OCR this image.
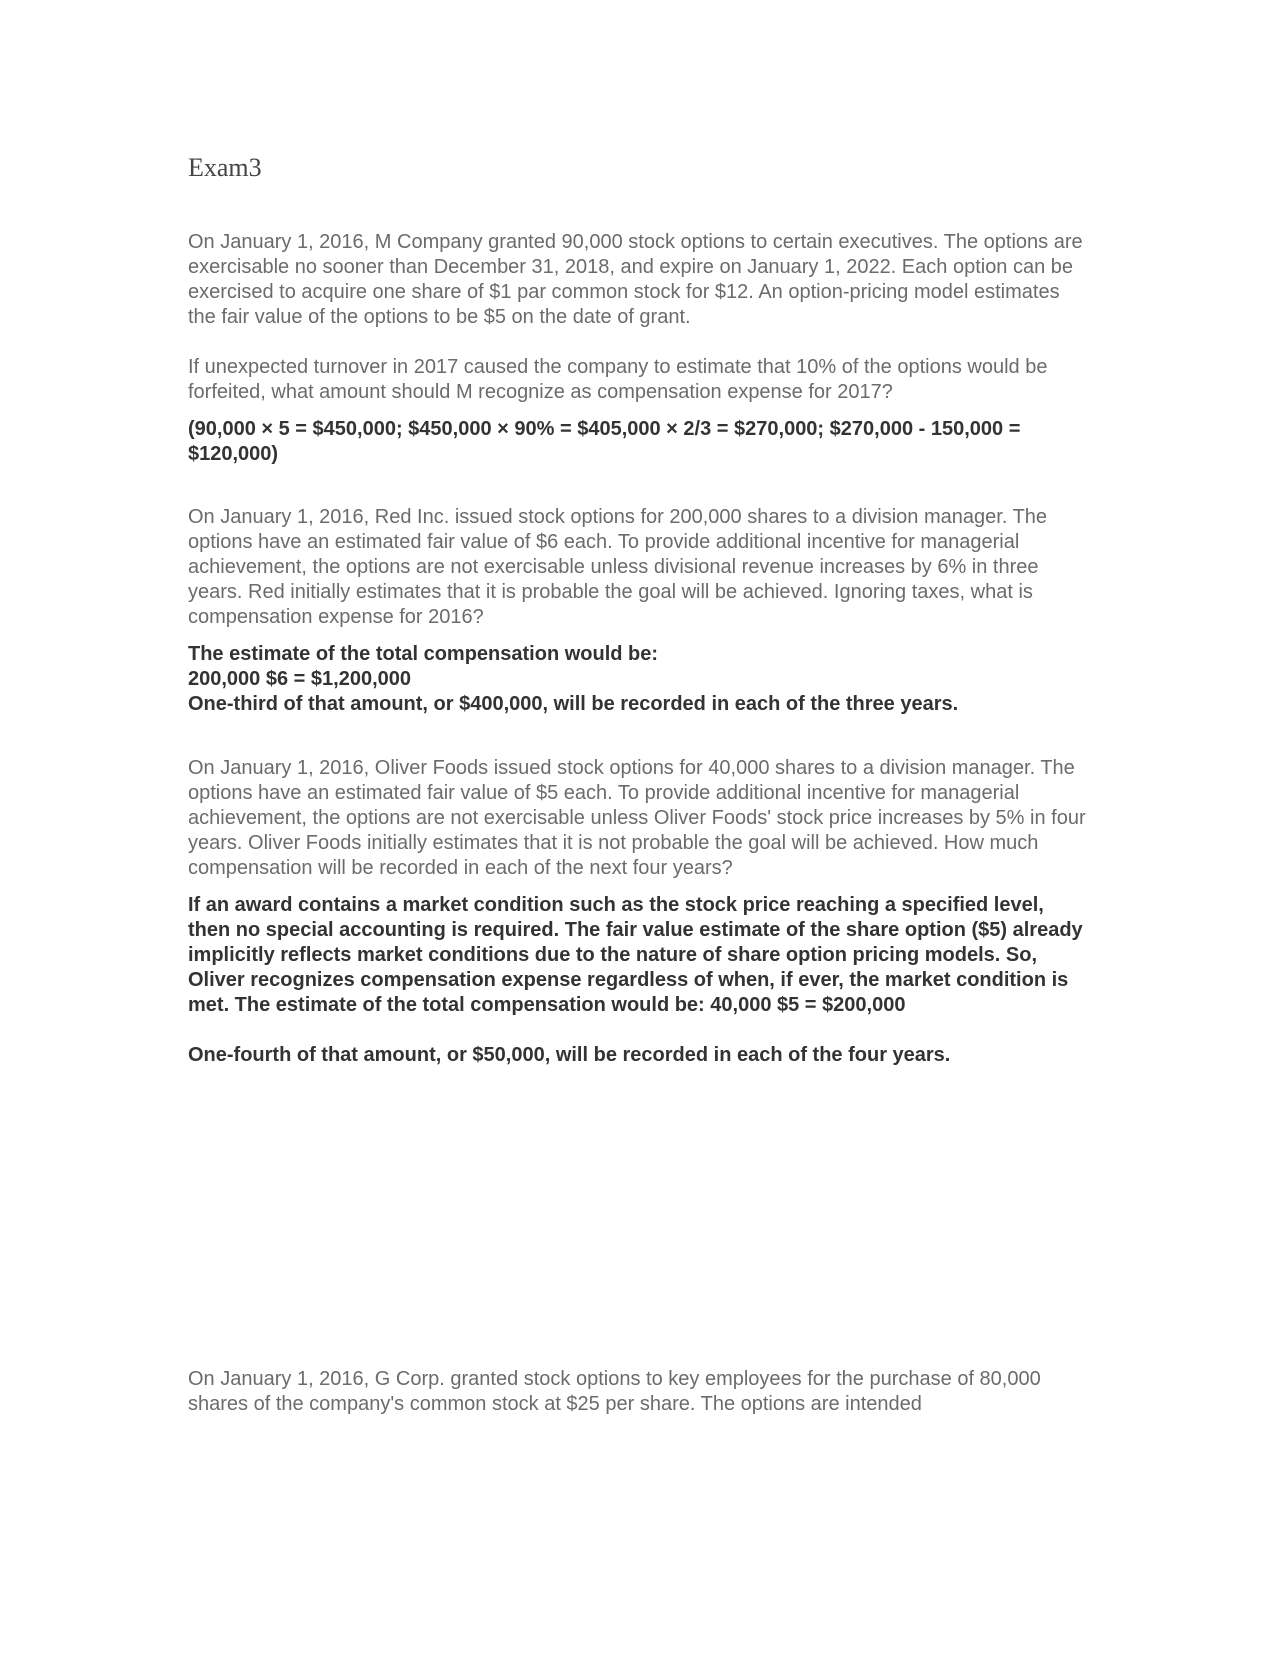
Exam3

On January 1, 2016, M Company granted 90,000 stock options to certain executives. The options are exercisable no sooner than December 31, 2018, and expire on January 1, 2022. Each option can be exercised to acquire one share of $1 par common stock for $12. An option-pricing model estimates the fair value of the options to be $5 on the date of grant.

If unexpected turnover in 2017 caused the company to estimate that 10% of the options would be forfeited, what amount should M recognize as compensation expense for 2017?

(90,000 × 5 = $450,000; $450,000 × 90% = $405,000 × 2/3 = $270,000; $270,000 - 150,000 = $120,000)

On January 1, 2016, Red Inc. issued stock options for 200,000 shares to a division manager. The options have an estimated fair value of $6 each. To provide additional incentive for managerial achievement, the options are not exercisable unless divisional revenue increases by 6% in three years. Red initially estimates that it is probable the goal will be achieved. Ignoring taxes, what is compensation expense for 2016?

The estimate of the total compensation would be:
200,000 $6 = $1,200,000
One-third of that amount, or $400,000, will be recorded in each of the three years.

On January 1, 2016, Oliver Foods issued stock options for 40,000 shares to a division manager. The options have an estimated fair value of $5 each. To provide additional incentive for managerial achievement, the options are not exercisable unless Oliver Foods' stock price increases by 5% in four years. Oliver Foods initially estimates that it is not probable the goal will be achieved. How much compensation will be recorded in each of the next four years?

If an award contains a market condition such as the stock price reaching a specified level, then no special accounting is required. The fair value estimate of the share option ($5) already implicitly reflects market conditions due to the nature of share option pricing models. So, Oliver recognizes compensation expense regardless of when, if ever, the market condition is met. The estimate of the total compensation would be: 40,000 $5 = $200,000
One-fourth of that amount, or $50,000, will be recorded in each of the four years.

On January 1, 2016, G Corp. granted stock options to key employees for the purchase of 80,000 shares of the company's common stock at $25 per share. The options are intended
